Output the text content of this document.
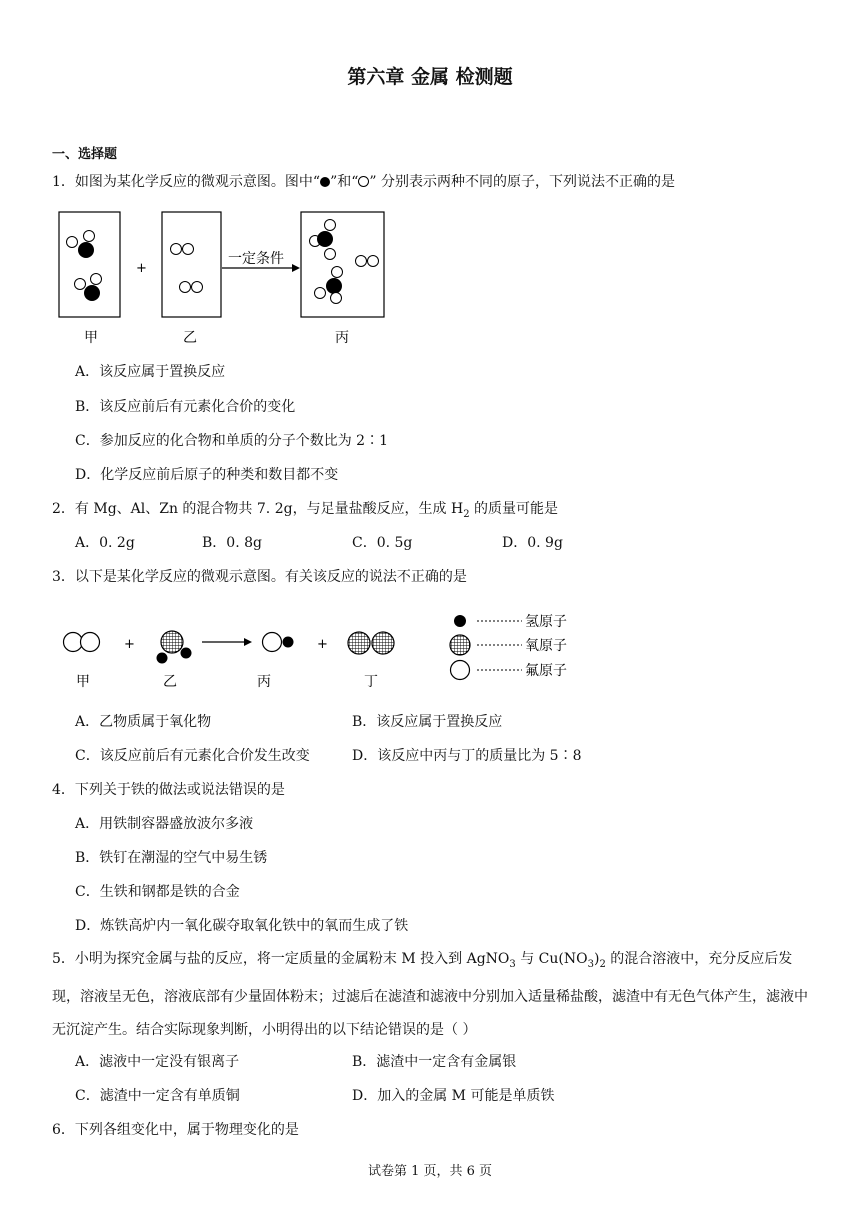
第六章 金属 检测题
一、选择题
1．如图为某化学反应的微观示意图。图中“ ”和“ ” 分别表示两种不同的原子，下列说法不正确的是
+
一定条件
甲	乙	丙
A．该反应属于置换反应
B．该反应前后有元素化合价的变化
C．参加反应的化合物和单质的分子个数比为 2∶1
D．化学反应前后原子的种类和数目都不变
2．有 Mg、Al、Zn 的混合物共 7. 2g，与足量盐酸反应，生成 $H_2$ 的质量可能是
A．0. 2g	B．0. 8g	C．0. 5g	D．0. 9g
3．以下是某化学反应的微观示意图。有关该反应的说法不正确的是
+	+
甲	乙	丙	丁
氢原子
氧原子
氟原子
A．乙物质属于氧化物	B．该反应属于置换反应
C．该反应前后有元素化合价发生改变	D．该反应中丙与丁的质量比为 5∶8
4．下列关于铁的做法或说法错误的是
A．用铁制容器盛放波尔多液
B．铁钉在潮湿的空气中易生锈
C．生铁和钢都是铁的合金
D．炼铁高炉内一氧化碳夺取氧化铁中的氧而生成了铁
5．小明为探究金属与盐的反应，将一定质量的金属粉末 M 投入到 AgNO$_3$ 与 $Cu(NO_3)_2$ 的混合溶液中，充分反应后发现，溶液呈无色，溶液底部有少量固体粉末；过滤后在滤渣和滤液中分别加入适量稀盐酸，滤渣中有无色气体产生，滤液中无沉淀产生。结合实际现象判断，小明得出的以下结论错误的是（ ）
A．滤液中一定没有银离子	B．滤渣中一定含有金属银
C．滤渣中一定含有单质铜	D．加入的金属 M 可能是单质铁
6．下列各组变化中，属于物理变化的是
试卷第 1 页，共 6 页
